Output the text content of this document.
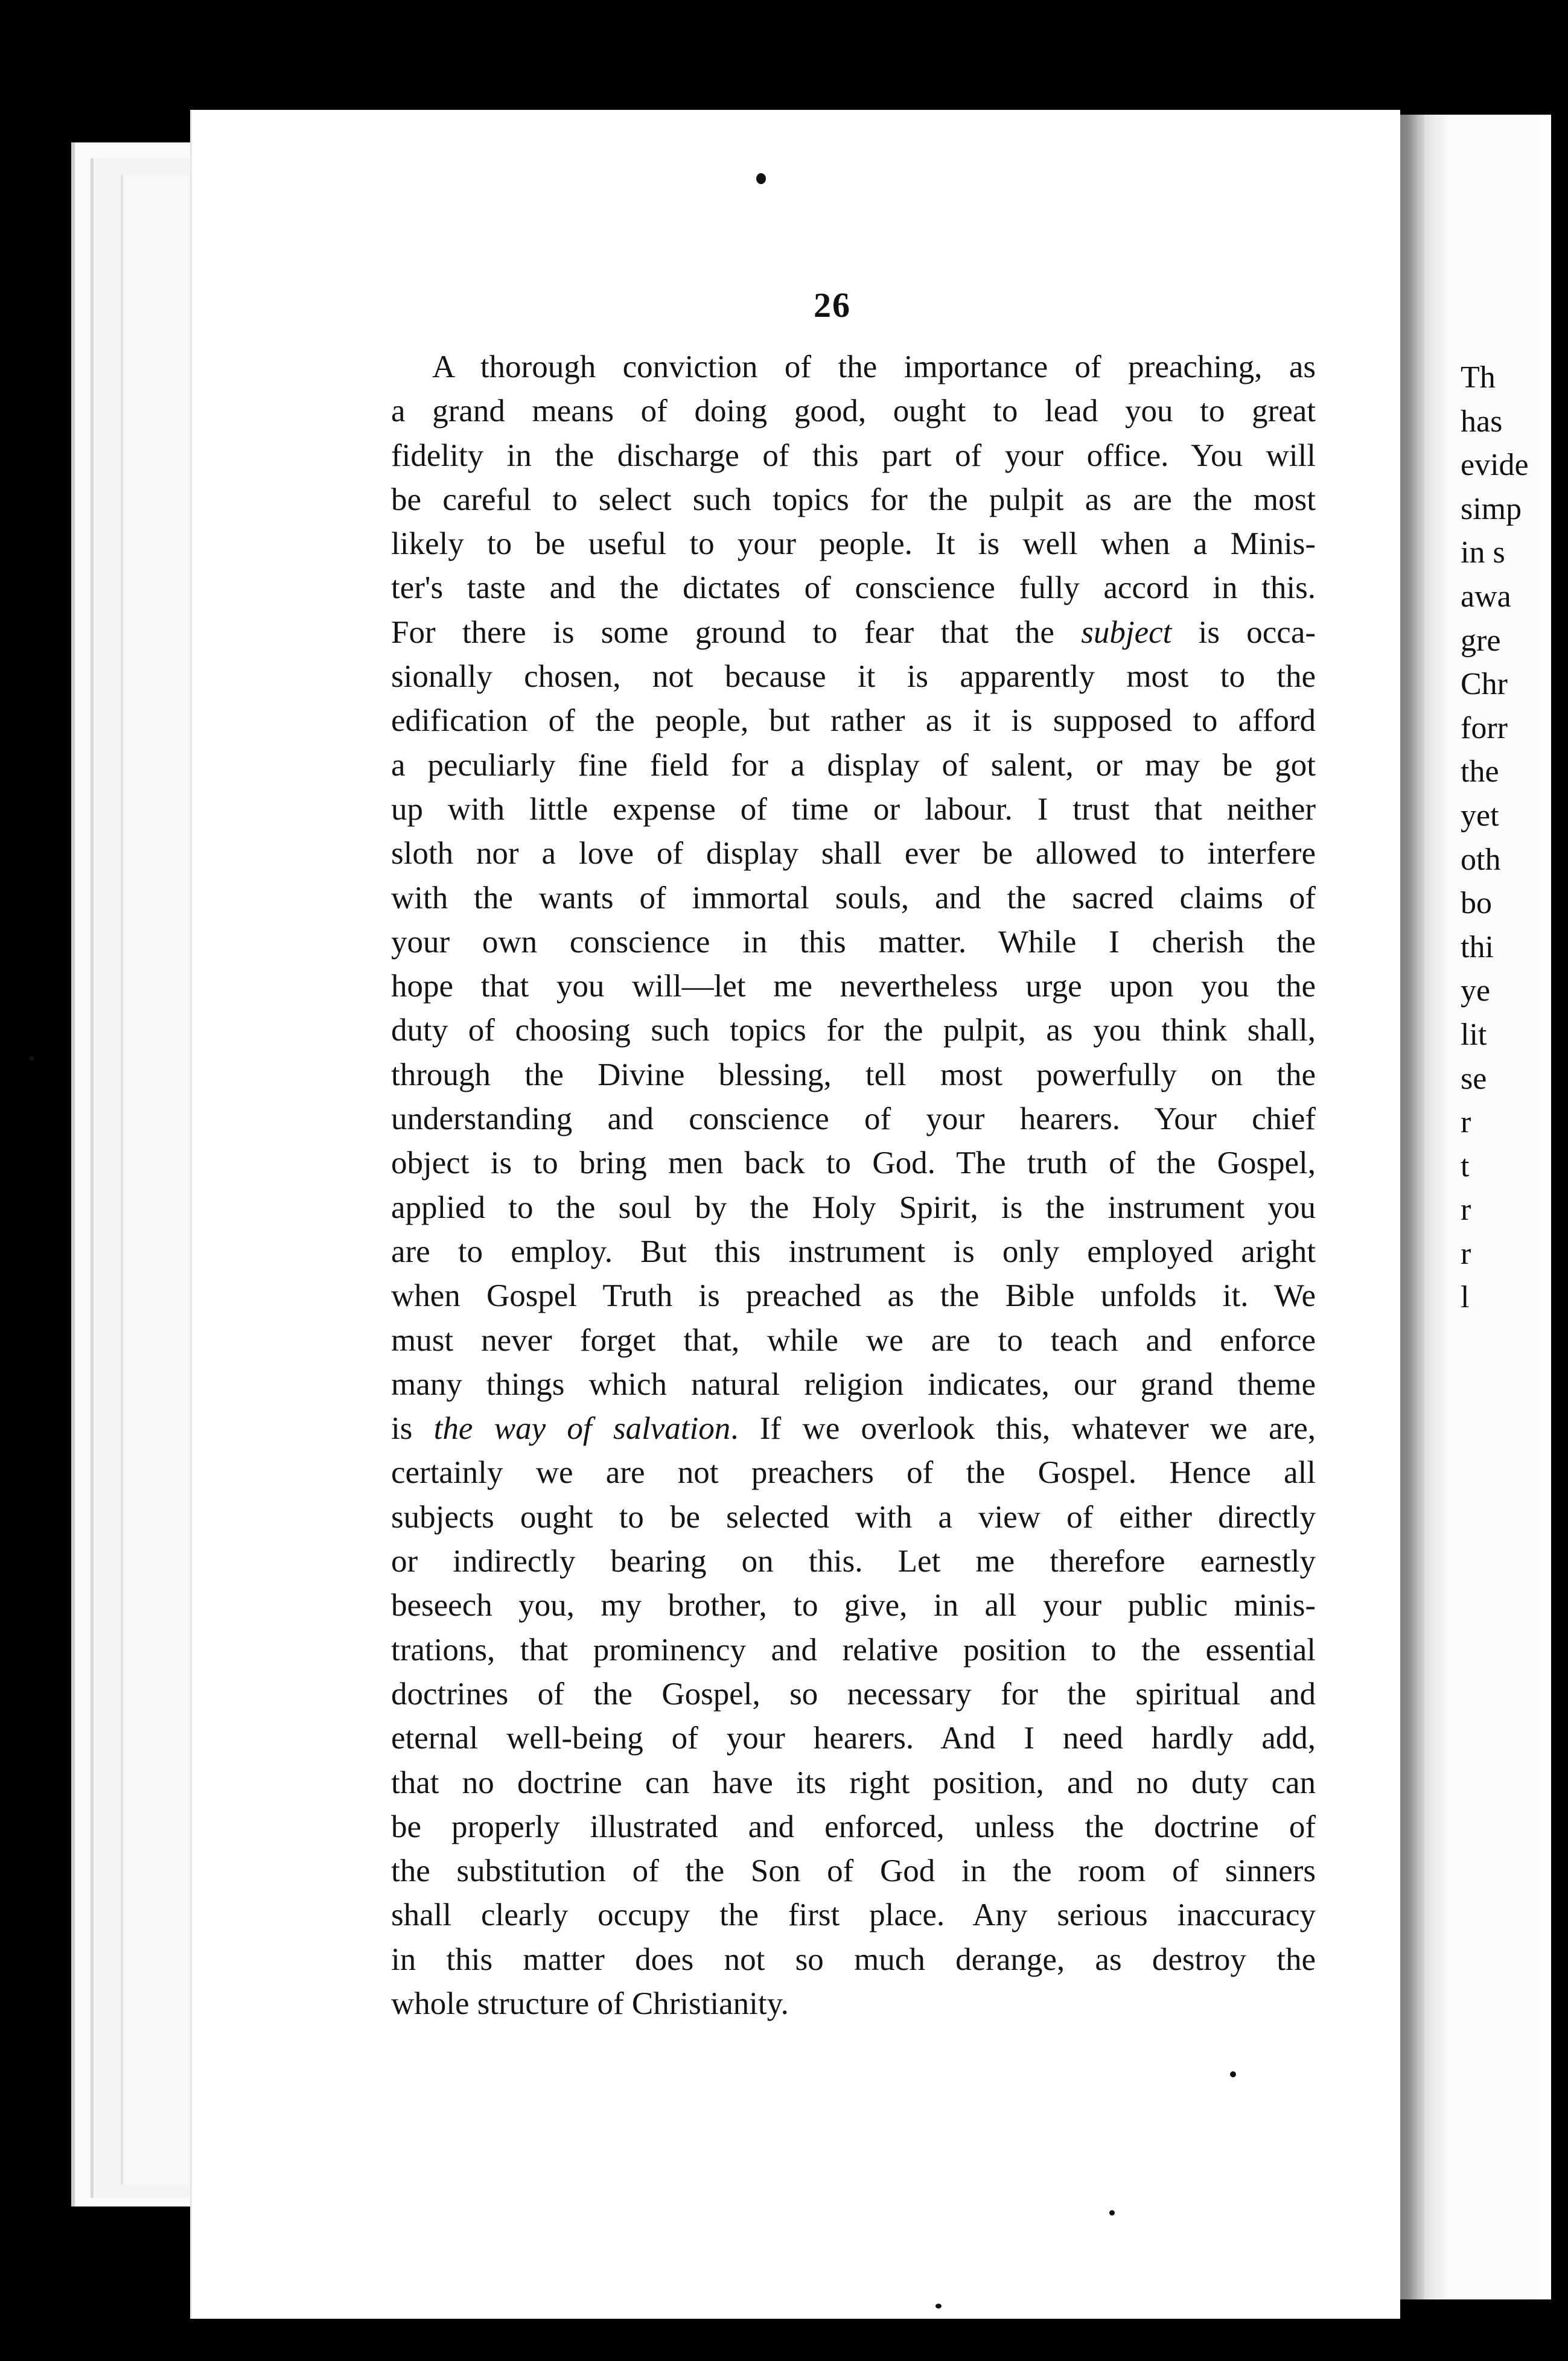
Th
has
evide
simp
in s
awa
gre
Chr
forr
the
yet
oth
bo
thi
ye
lit
se
r
t
r
r
l
26
A thorough conviction of the importance of preaching, as
a grand means of doing good, ought to lead you to great
fidelity in the discharge of this part of your office. You will
be careful to select such topics for the pulpit as are the most
likely to be useful to your people. It is well when a Minis-
ter's taste and the dictates of conscience fully accord in this.
For there is some ground to fear that the subject is occa-
sionally chosen, not because it is apparently most to the
edification of the people, but rather as it is supposed to afford
a peculiarly fine field for a display of salent, or may be got
up with little expense of time or labour. I trust that neither
sloth nor a love of display shall ever be allowed to interfere
with the wants of immortal souls, and the sacred claims of
your own conscience in this matter. While I cherish the
hope that you will—let me nevertheless urge upon you the
duty of choosing such topics for the pulpit, as you think shall,
through the Divine blessing, tell most powerfully on the
understanding and conscience of your hearers. Your chief
object is to bring men back to God. The truth of the Gospel,
applied to the soul by the Holy Spirit, is the instrument you
are to employ. But this instrument is only employed aright
when Gospel Truth is preached as the Bible unfolds it. We
must never forget that, while we are to teach and enforce
many things which natural religion indicates, our grand theme
is the way of salvation. If we overlook this, whatever we are,
certainly we are not preachers of the Gospel. Hence all
subjects ought to be selected with a view of either directly
or indirectly bearing on this. Let me therefore earnestly
beseech you, my brother, to give, in all your public minis-
trations, that prominency and relative position to the essential
doctrines of the Gospel, so necessary for the spiritual and
eternal well-being of your hearers. And I need hardly add,
that no doctrine can have its right position, and no duty can
be properly illustrated and enforced, unless the doctrine of
the substitution of the Son of God in the room of sinners
shall clearly occupy the first place. Any serious inaccuracy
in this matter does not so much derange, as destroy the
whole structure of Christianity.
